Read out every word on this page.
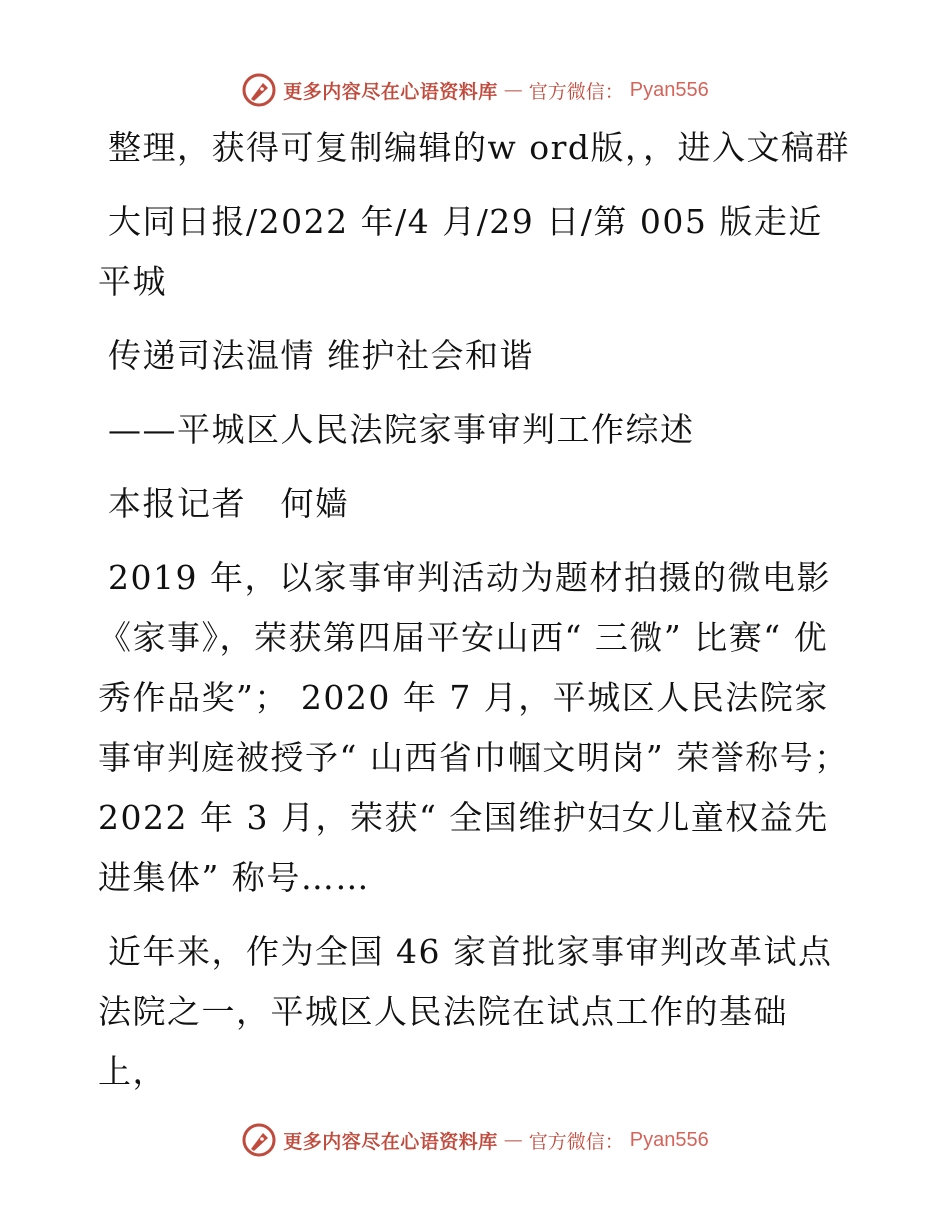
更多内容尽在心语资料库 — 官方微信： Pyan556

整理，获得可复制编辑的w ord版，，进入文稿群

大同日报/2022 年/4 月/29 日/第 005 版走近平城

传递司法温情 维护社会和谐

——平城区人民法院家事审判工作综述

本报记者　何嫱

2019 年，以家事审判活动为题材拍摄的微电影《家事》，荣获第四届平安山西“ 三微” 比赛“ 优秀作品奖”； 2020 年 7 月，平城区人民法院家事审判庭被授予“ 山西省巾帼文明岗” 荣誉称号； 2022 年 3 月，荣获“ 全国维护妇女儿童权益先进集体” 称号……

近年来，作为全国 46 家首批家事审判改革试点法院之一，平城区人民法院在试点工作的基础上，

更多内容尽在心语资料库 — 官方微信： Pyan556
